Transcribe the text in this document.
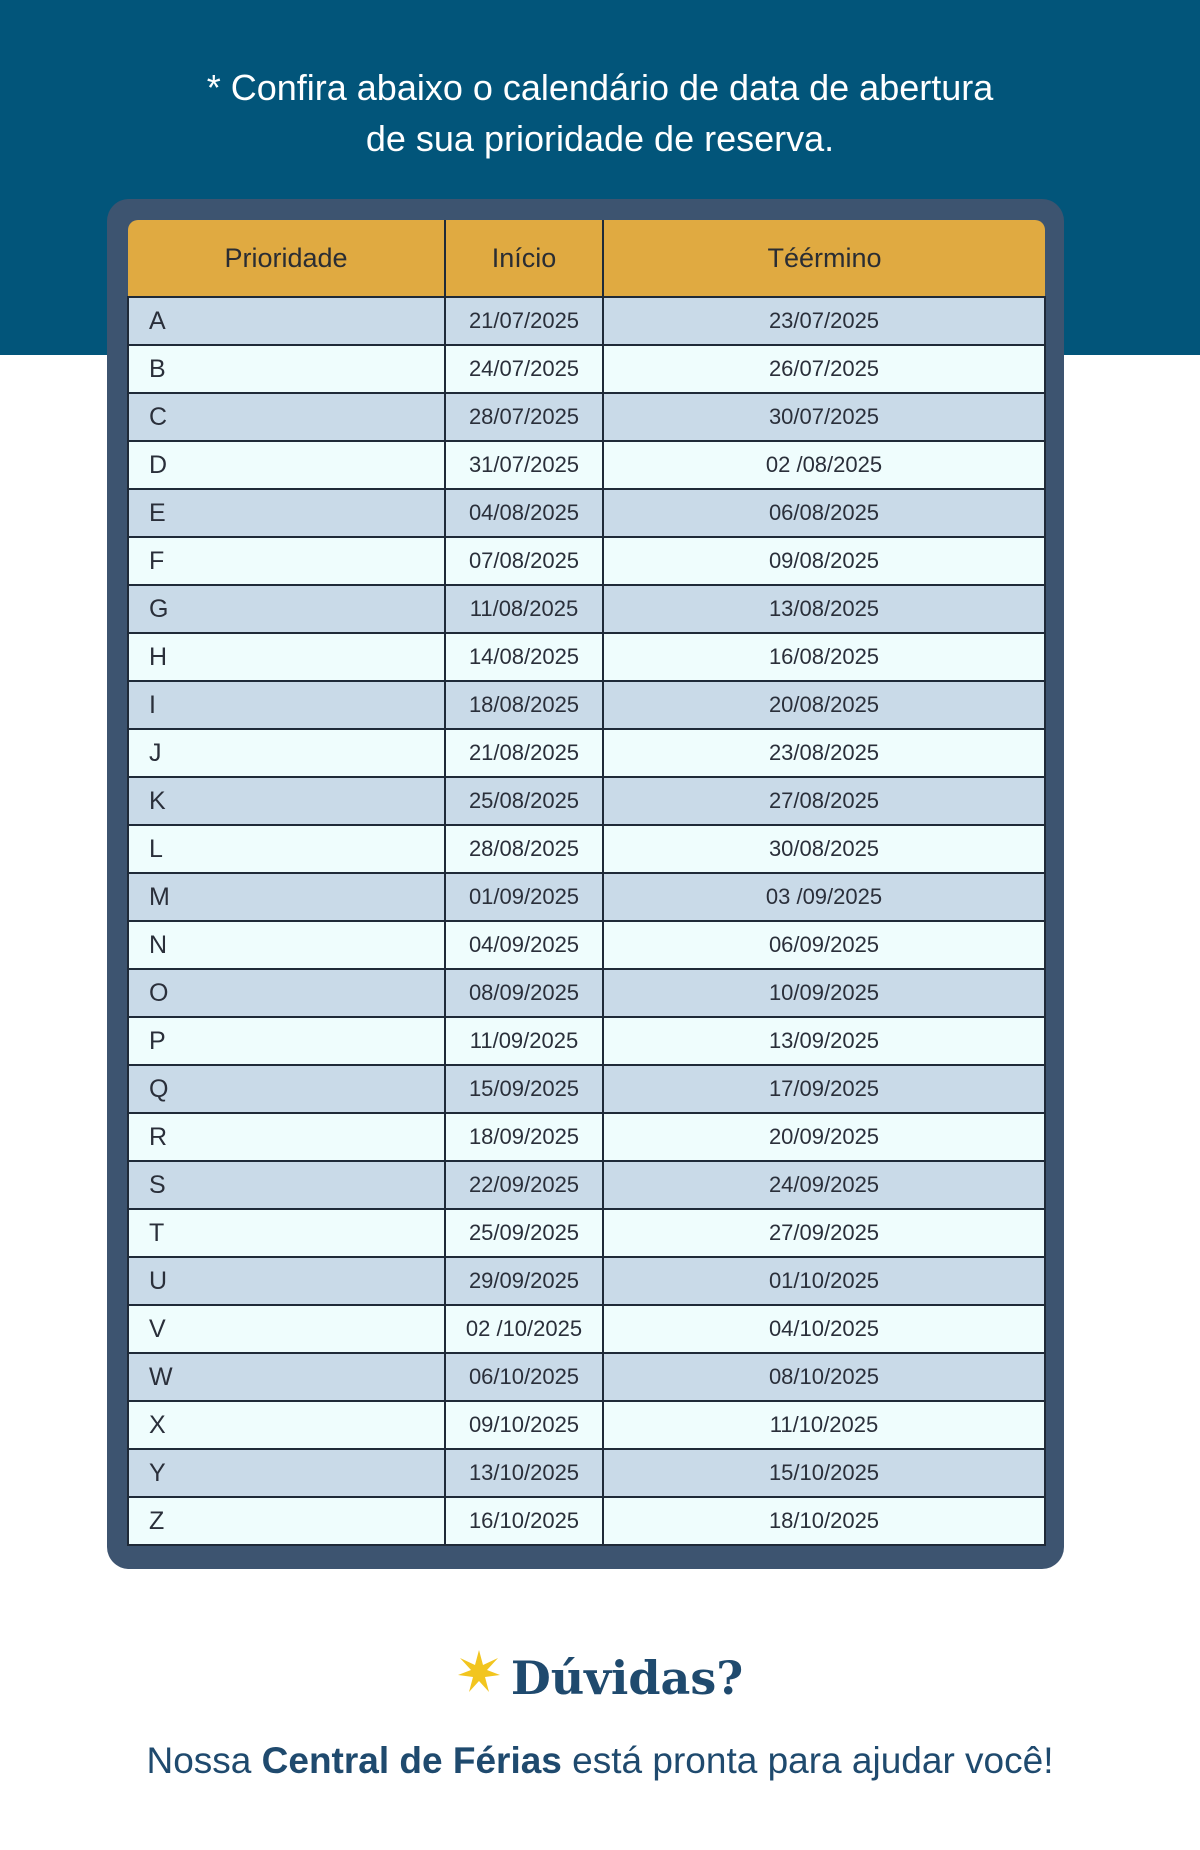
* Confira abaixo o calendário de data de abertura
de sua prioridade de reserva.
Prioridade	Início	Téérmino
A	21/07/2025	23/07/2025
B	24/07/2025	26/07/2025
C	28/07/2025	30/07/2025
D	31/07/2025	02 /08/2025
E	04/08/2025	06/08/2025
F	07/08/2025	09/08/2025
G	11/08/2025	13/08/2025
H	14/08/2025	16/08/2025
I	18/08/2025	20/08/2025
J	21/08/2025	23/08/2025
K	25/08/2025	27/08/2025
L	28/08/2025	30/08/2025
M	01/09/2025	03 /09/2025
N	04/09/2025	06/09/2025
O	08/09/2025	10/09/2025
P	11/09/2025	13/09/2025
Q	15/09/2025	17/09/2025
R	18/09/2025	20/09/2025
S	22/09/2025	24/09/2025
T	25/09/2025	27/09/2025
U	29/09/2025	01/10/2025
V	02 /10/2025	04/10/2025
W	06/10/2025	08/10/2025
X	09/10/2025	11/10/2025
Y	13/10/2025	15/10/2025
Z	16/10/2025	18/10/2025
Dúvidas?
Nossa Central de Férias está pronta para ajudar você!
